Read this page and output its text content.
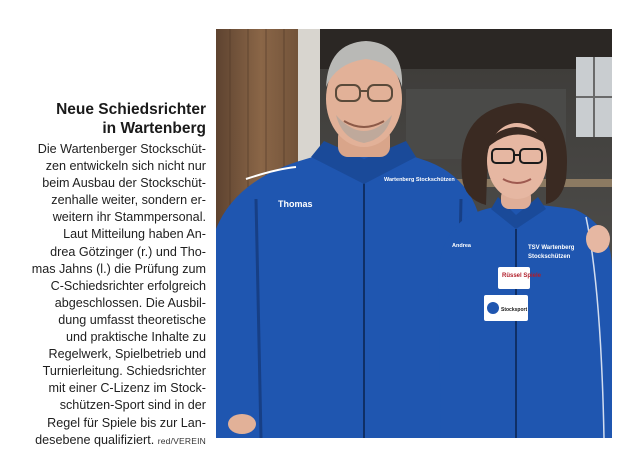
Neue Schiedsrichter
in Wartenberg

Die Wartenberger Stockschüt-
zen entwickeln sich nicht nur
beim Ausbau der Stockschüt-
zenhalle weiter, sondern er-
weitern ihr Stammpersonal.
Laut Mitteilung haben An-
drea Götzinger (r.) und Tho-
mas Jahns (l.) die Prüfung zum
C-Schiedsrichter erfolgreich
abgeschlossen. Die Ausbil-
dung umfasst theoretische
und praktische Inhalte zu
Regelwerk, Spielbetrieb und
Turnierleitung. Schiedsrichter
mit einer C-Lizenz im Stock-
schützen-Sport sind in der
Regel für Spiele bis zur Lan-
desebene qualifiziert. red/VEREIN

Thomas
Wartenberg Stockschützen
TSV Wartenberg
Stockschützen
Andrea
Rüssel Spiele
Stocksport
